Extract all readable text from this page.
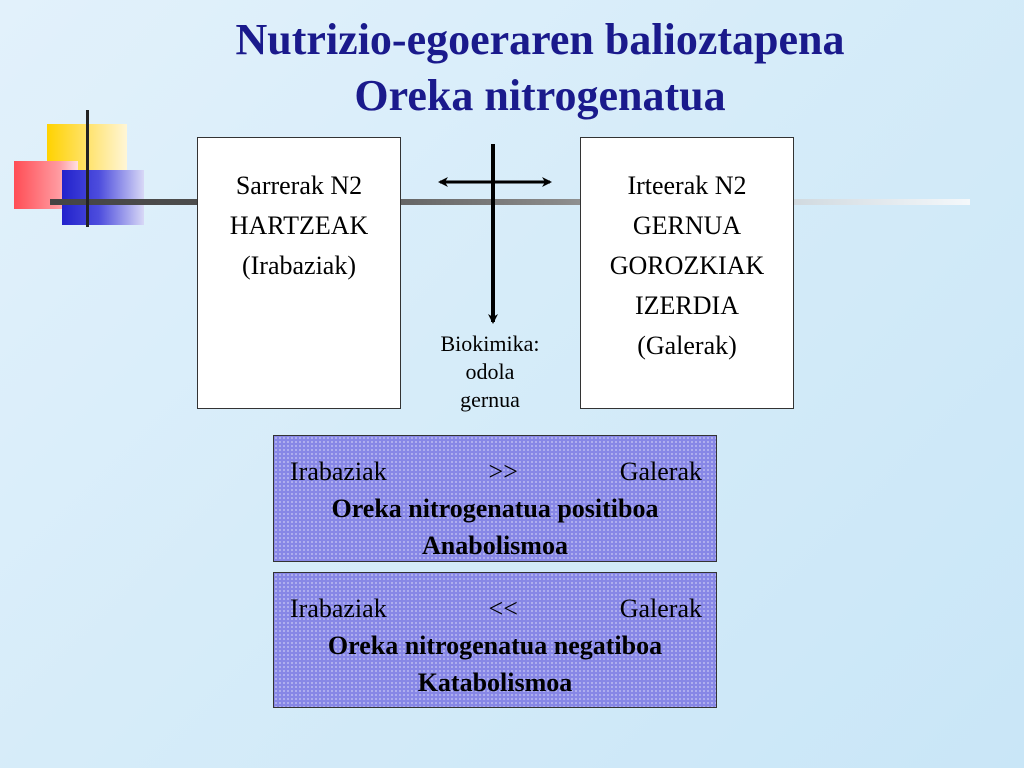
Nutrizio-egoeraren balioztapena
Oreka nitrogenatua
Sarrerak N2
HARTZEAK
(Irabaziak)
Irteerak N2
GERNUA
GOROZKIAK
IZERDIA
(Galerak)
Biokimika:
odola
gernua
Irabaziak	>>	Galerak
Oreka nitrogenatua positiboa
Anabolismoa
Irabaziak	<<	Galerak
Oreka nitrogenatua negatiboa
Katabolismoa
